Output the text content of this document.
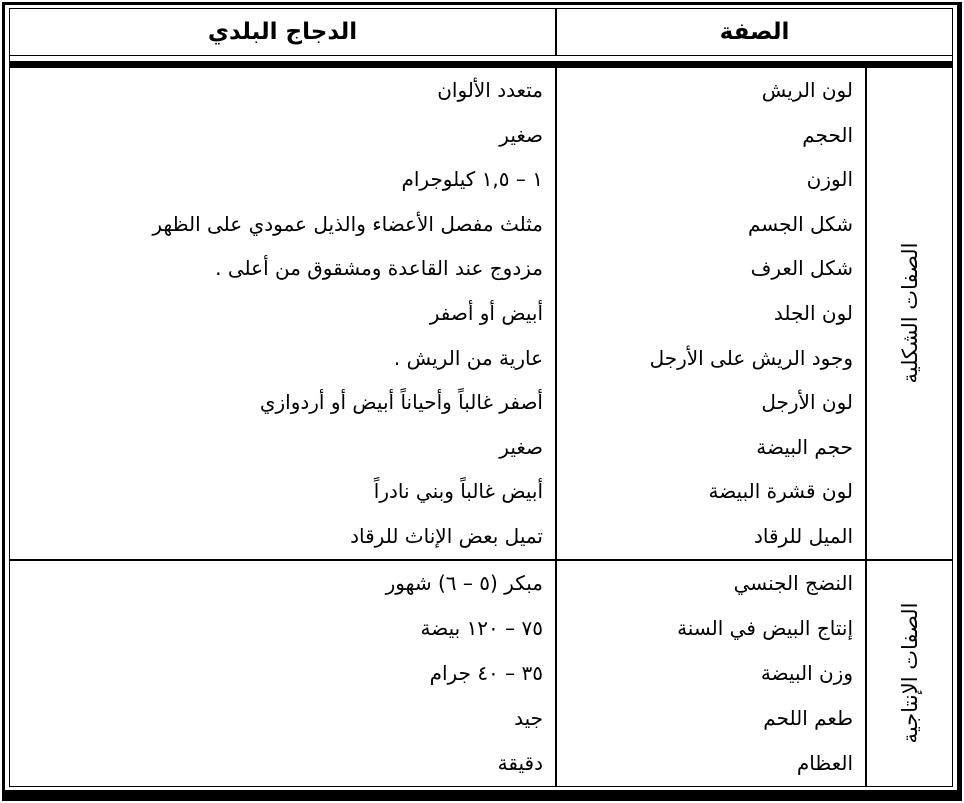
الدجاج البلدي	الصفة
متعدد الألوان
صغير
١ – ١,٥ كيلوجرام
مثلث مفصل الأعضاء والذيل عمودي على الظهر
مزدوج عند القاعدة ومشقوق من أعلى .
أبيض أو أصفر
عارية من الريش .
أصفر غالباً وأحياناً أبيض أو أردوازي
صغير
أبيض غالباً وبني نادراً
تميل بعض الإناث للرقاد
لون الريش
الحجم
الوزن
شكل الجسم
شكل العرف
لون الجلد
وجود الريش على الأرجل
لون الأرجل
حجم البيضة
لون قشرة البيضة
الميل للرقاد
الصفات الشكلية
مبكر (٥ – ٦) شهور
٧٥ – ١٢٠ بيضة
٣٥ – ٤٠ جرام
جيد
دقيقة
النضج الجنسي
إنتاج البيض في السنة
وزن البيضة
طعم اللحم
العظام
الصفات الإنتاجية
